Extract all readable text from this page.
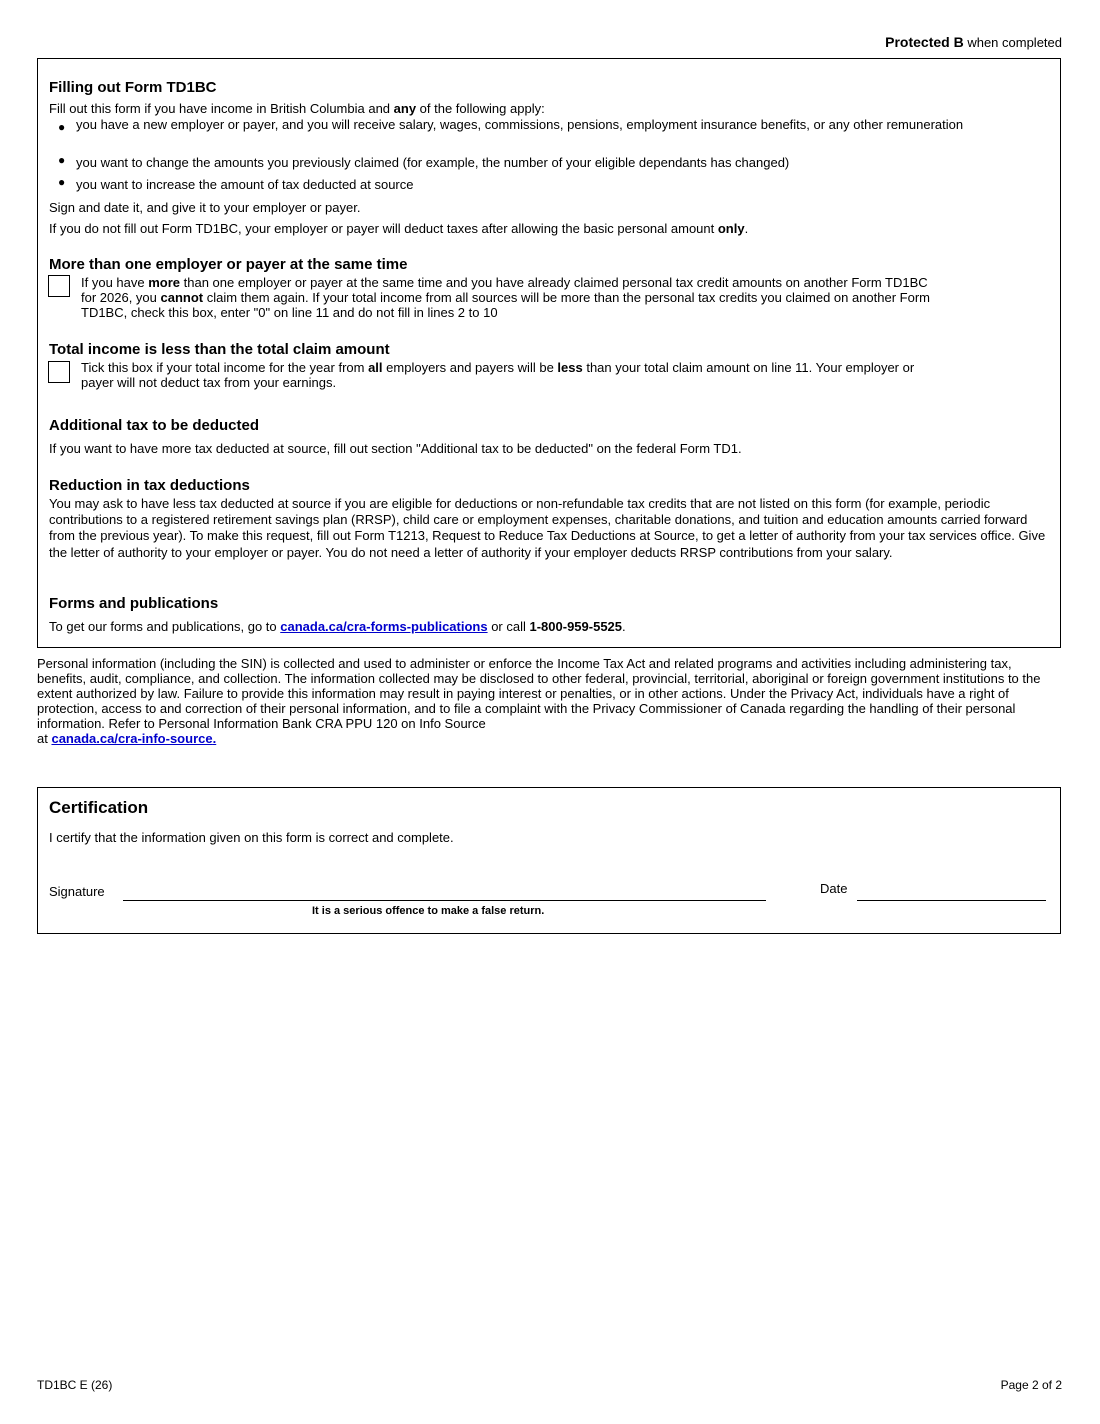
Protected B when completed
Filling out Form TD1BC
Fill out this form if you have income in British Columbia and any of the following apply:
● you have a new employer or payer, and you will receive salary, wages, commissions, pensions, employment insurance benefits, or any other remuneration
● you want to change the amounts you previously claimed (for example, the number of your eligible dependants has changed)
● you want to increase the amount of tax deducted at source
Sign and date it, and give it to your employer or payer.
If you do not fill out Form TD1BC, your employer or payer will deduct taxes after allowing the basic personal amount only.
More than one employer or payer at the same time
If you have more than one employer or payer at the same time and you have already claimed personal tax credit amounts on another Form TD1BC for 2026, you cannot claim them again. If your total income from all sources will be more than the personal tax credits you claimed on another Form TD1BC, check this box, enter "0" on line 11 and do not fill in lines 2 to 10
Total income is less than the total claim amount
Tick this box if your total income for the year from all employers and payers will be less than your total claim amount on line 11. Your employer or payer will not deduct tax from your earnings.
Additional tax to be deducted
If you want to have more tax deducted at source, fill out section "Additional tax to be deducted" on the federal Form TD1.
Reduction in tax deductions
You may ask to have less tax deducted at source if you are eligible for deductions or non-refundable tax credits that are not listed on this form (for example, periodic contributions to a registered retirement savings plan (RRSP), child care or employment expenses, charitable donations, and tuition and education amounts carried forward from the previous year). To make this request, fill out Form T1213, Request to Reduce Tax Deductions at Source, to get a letter of authority from your tax services office. Give the letter of authority to your employer or payer. You do not need a letter of authority if your employer deducts RRSP contributions from your salary.
Forms and publications
To get our forms and publications, go to canada.ca/cra-forms-publications or call 1-800-959-5525.
Personal information (including the SIN) is collected and used to administer or enforce the Income Tax Act and related programs and activities including administering tax, benefits, audit, compliance, and collection. The information collected may be disclosed to other federal, provincial, territorial, aboriginal or foreign government institutions to the extent authorized by law. Failure to provide this information may result in paying interest or penalties, or in other actions. Under the Privacy Act, individuals have a right of protection, access to and correction of their personal information, and to file a complaint with the Privacy Commissioner of Canada regarding the handling of their personal information. Refer to Personal Information Bank CRA PPU 120 on Info Source
at canada.ca/cra-info-source.
Certification
I certify that the information given on this form is correct and complete.
Signature
It is a serious offence to make a false return.
Date
TD1BC E (26)	Page 2 of 2
